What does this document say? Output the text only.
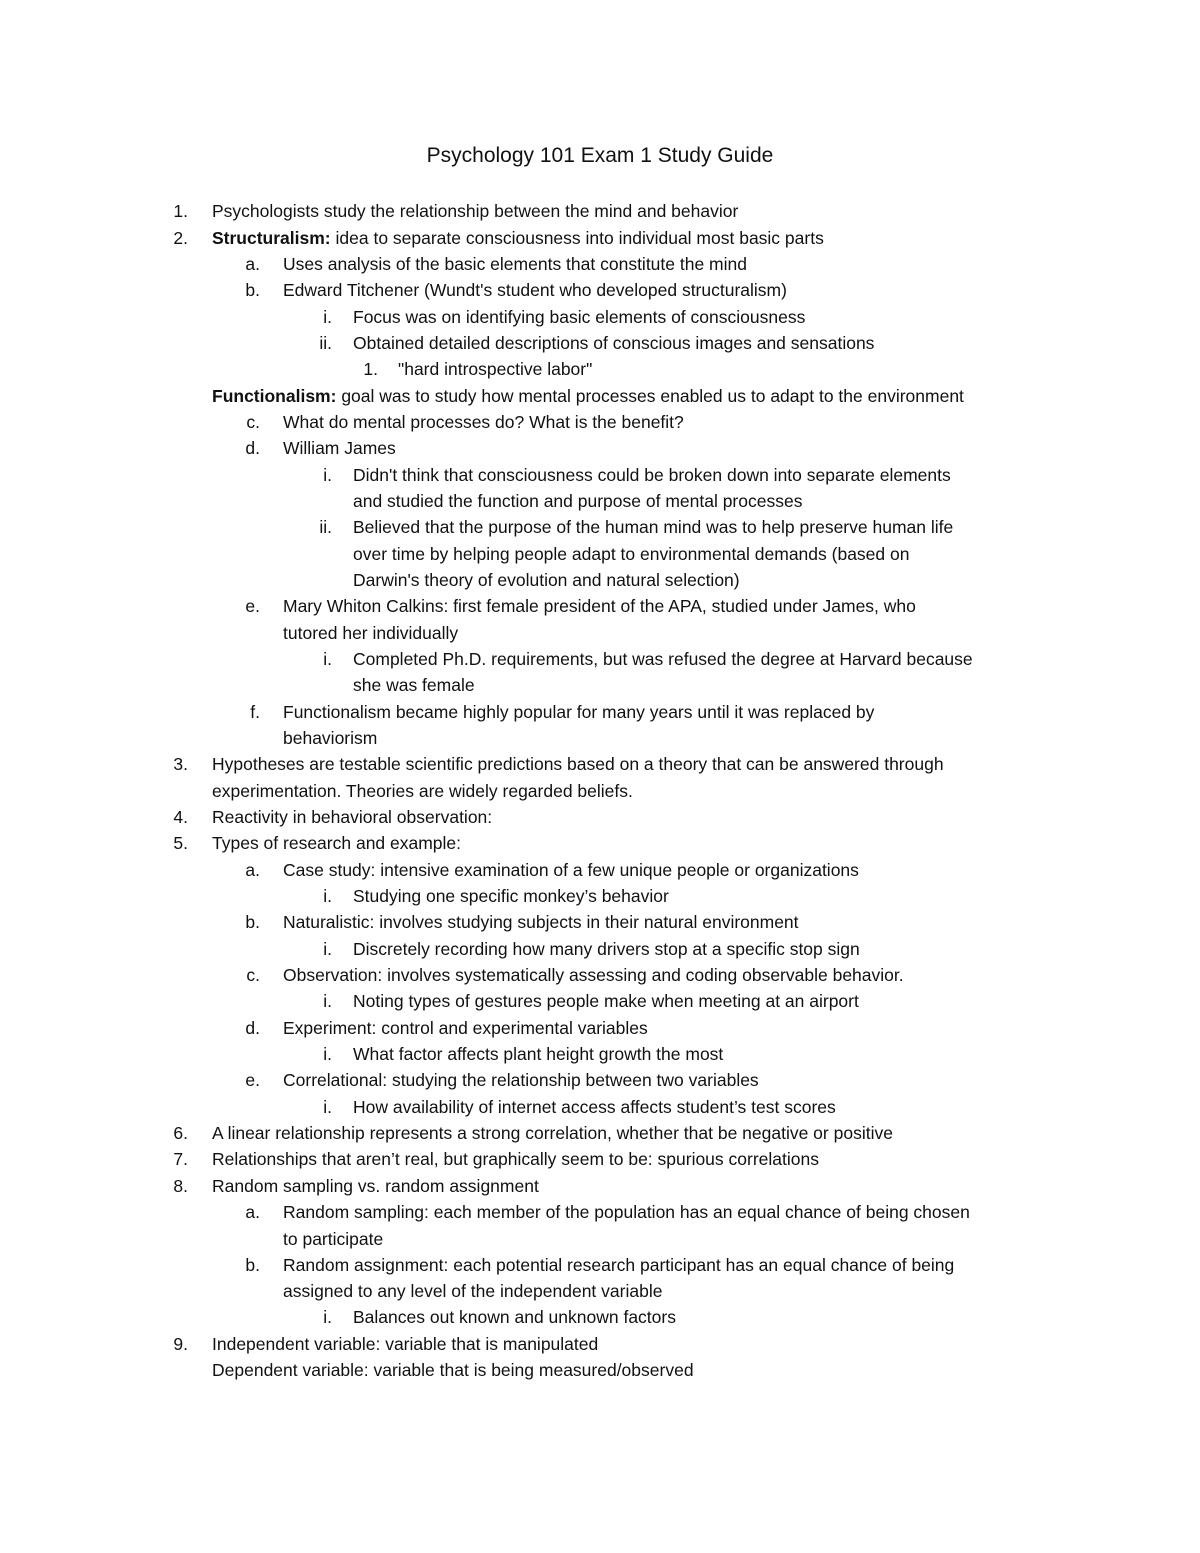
Psychology 101 Exam 1 Study Guide
1. Psychologists study the relationship between the mind and behavior
2. Structuralism: idea to separate consciousness into individual most basic parts
a. Uses analysis of the basic elements that constitute the mind
b. Edward Titchener (Wundt's student who developed structuralism)
i. Focus was on identifying basic elements of consciousness
ii. Obtained detailed descriptions of conscious images and sensations
1. "hard introspective labor"
Functionalism: goal was to study how mental processes enabled us to adapt to the environment
c. What do mental processes do? What is the benefit?
d. William James
i. Didn't think that consciousness could be broken down into separate elements
and studied the function and purpose of mental processes
ii. Believed that the purpose of the human mind was to help preserve human life
over time by helping people adapt to environmental demands (based on
Darwin's theory of evolution and natural selection)
e. Mary Whiton Calkins: first female president of the APA, studied under James, who
tutored her individually
i. Completed Ph.D. requirements, but was refused the degree at Harvard because
she was female
f. Functionalism became highly popular for many years until it was replaced by
behaviorism
3. Hypotheses are testable scientific predictions based on a theory that can be answered through
experimentation. Theories are widely regarded beliefs.
4. Reactivity in behavioral observation:
5. Types of research and example:
a. Case study: intensive examination of a few unique people or organizations
i. Studying one specific monkey’s behavior
b. Naturalistic: involves studying subjects in their natural environment
i. Discretely recording how many drivers stop at a specific stop sign
c. Observation: involves systematically assessing and coding observable behavior.
i. Noting types of gestures people make when meeting at an airport
d. Experiment: control and experimental variables
i. What factor affects plant height growth the most
e. Correlational: studying the relationship between two variables
i. How availability of internet access affects student’s test scores
6. A linear relationship represents a strong correlation, whether that be negative or positive
7. Relationships that aren’t real, but graphically seem to be: spurious correlations
8. Random sampling vs. random assignment
a. Random sampling: each member of the population has an equal chance of being chosen
to participate
b. Random assignment: each potential research participant has an equal chance of being
assigned to any level of the independent variable
i. Balances out known and unknown factors
9. Independent variable: variable that is manipulated
Dependent variable: variable that is being measured/observed
